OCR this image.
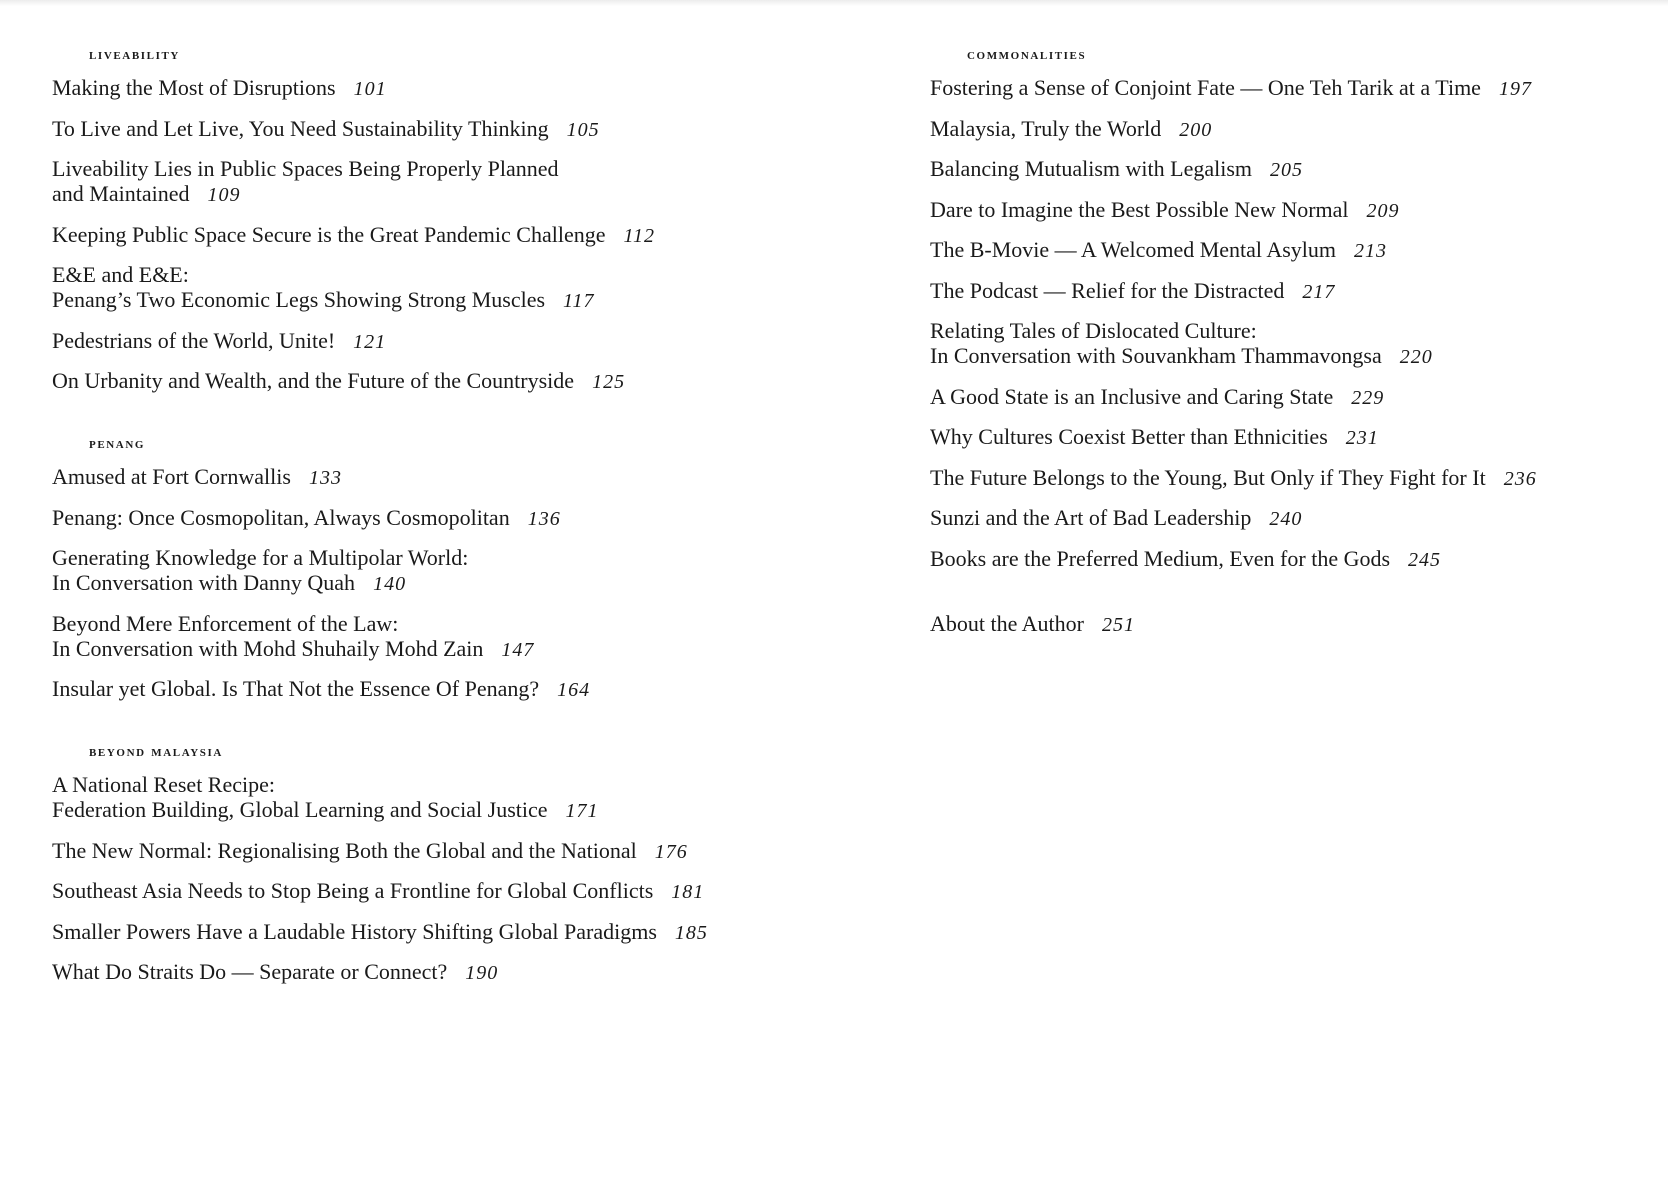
liveability
Making the Most of Disruptions 101
To Live and Let Live, You Need Sustainability Thinking 105
Liveability Lies in Public Spaces Being Properly Planned
and Maintained 109
Keeping Public Space Secure is the Great Pandemic Challenge 112
E&E and E&E:
Penang’s Two Economic Legs Showing Strong Muscles 117
Pedestrians of the World, Unite! 121
On Urbanity and Wealth, and the Future of the Countryside 125
penang
Amused at Fort Cornwallis 133
Penang: Once Cosmopolitan, Always Cosmopolitan 136
Generating Knowledge for a Multipolar World:
In Conversation with Danny Quah 140
Beyond Mere Enforcement of the Law:
In Conversation with Mohd Shuhaily Mohd Zain 147
Insular yet Global. Is That Not the Essence Of Penang? 164
beyond malaysia
A National Reset Recipe:
Federation Building, Global Learning and Social Justice 171
The New Normal: Regionalising Both the Global and the National 176
Southeast Asia Needs to Stop Being a Frontline for Global Conflicts 181
Smaller Powers Have a Laudable History Shifting Global Paradigms 185
What Do Straits Do — Separate or Connect? 190
commonalities
Fostering a Sense of Conjoint Fate — One Teh Tarik at a Time 197
Malaysia, Truly the World 200
Balancing Mutualism with Legalism 205
Dare to Imagine the Best Possible New Normal 209
The B-Movie — A Welcomed Mental Asylum 213
The Podcast — Relief for the Distracted 217
Relating Tales of Dislocated Culture:
In Conversation with Souvankham Thammavongsa 220
A Good State is an Inclusive and Caring State 229
Why Cultures Coexist Better than Ethnicities 231
The Future Belongs to the Young, But Only if They Fight for It 236
Sunzi and the Art of Bad Leadership 240
Books are the Preferred Medium, Even for the Gods 245
About the Author 251
